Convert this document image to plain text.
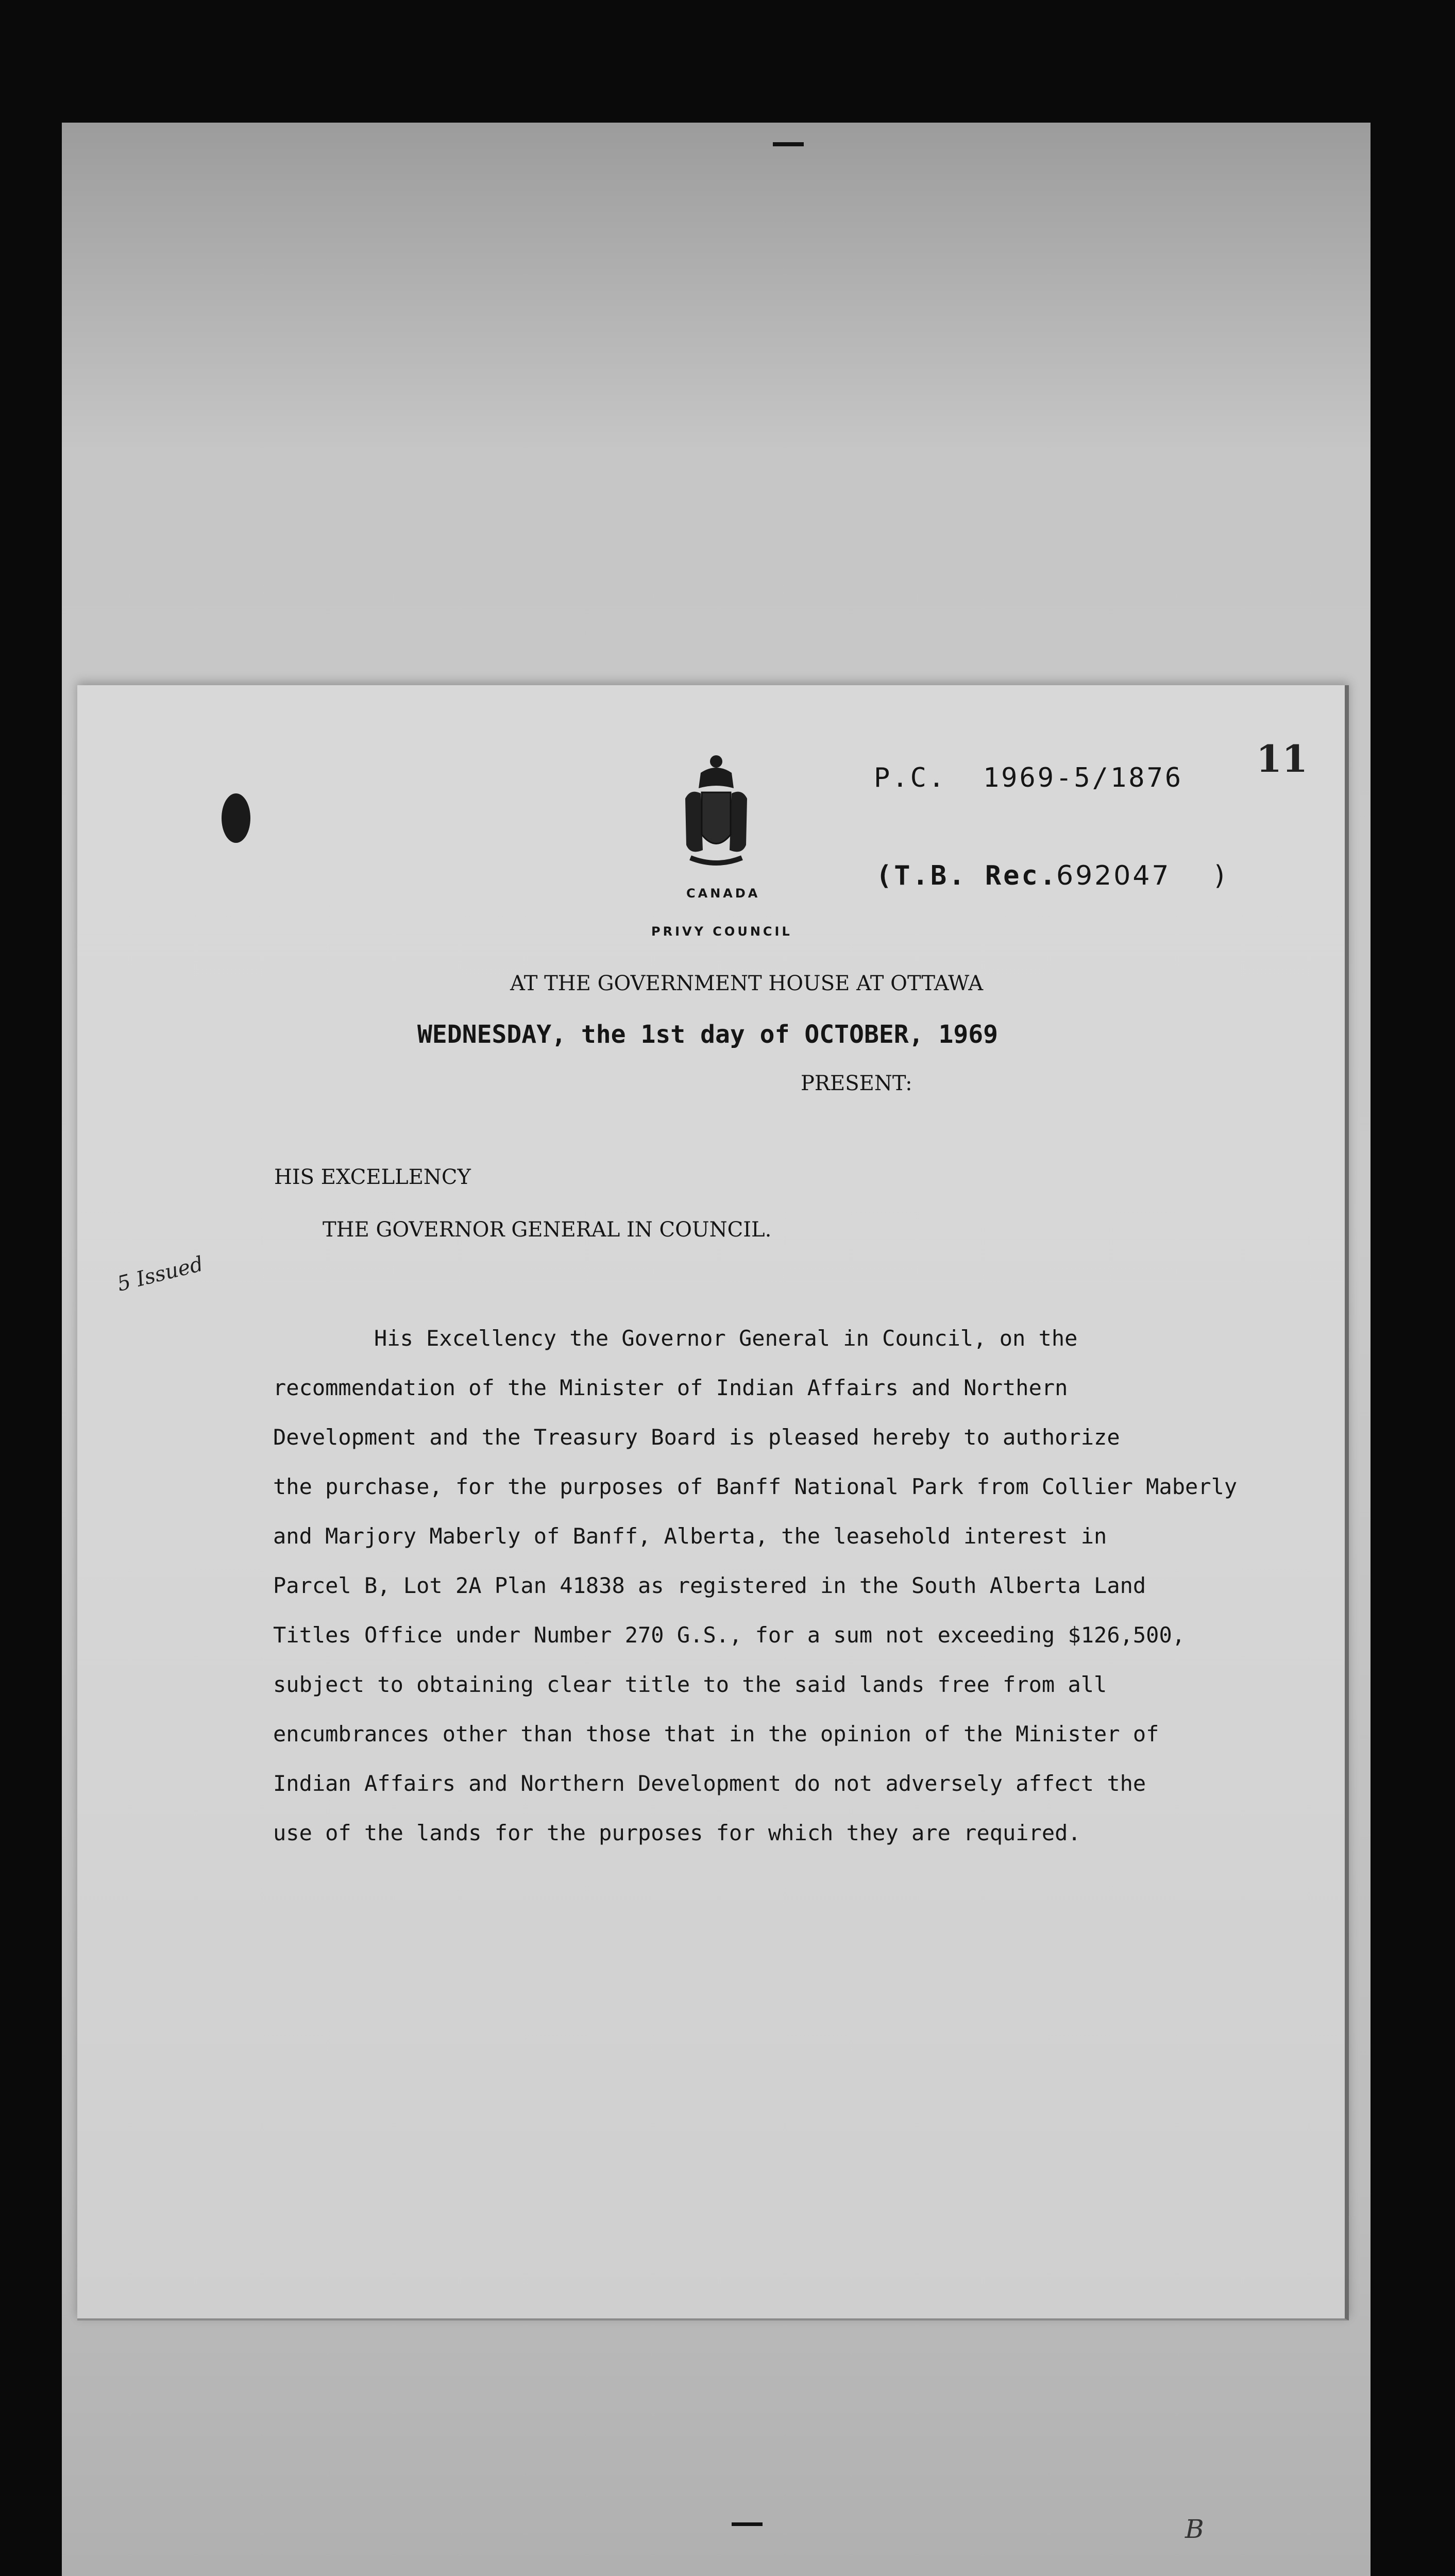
B
CANADA
PRIVY COUNCIL
P.C.  1969-5/1876 11
(T.B. Rec.
692047 )
AT THE GOVERNMENT HOUSE AT OTTAWA
WEDNESDAY, the 1st day of OCTOBER, 1969
PRESENT:
HIS EXCELLENCY
THE GOVERNOR GENERAL IN COUNCIL.
5 Issued
His Excellency the Governor General in Council, on the
recommendation of the Minister of Indian Affairs and Northern
Development and the Treasury Board is pleased hereby to authorize
the purchase, for the purposes of Banff National Park from Collier Maberly
and Marjory Maberly of Banff, Alberta, the leasehold interest in
Parcel B, Lot 2A Plan 41838 as registered in the South Alberta Land
Titles Office under Number 270 G.S., for a sum not exceeding $126,500,
subject to obtaining clear title to the said lands free from all
encumbrances other than those that in the opinion of the Minister of
Indian Affairs and Northern Development do not adversely affect the
use of the lands for the purposes for which they are required.
